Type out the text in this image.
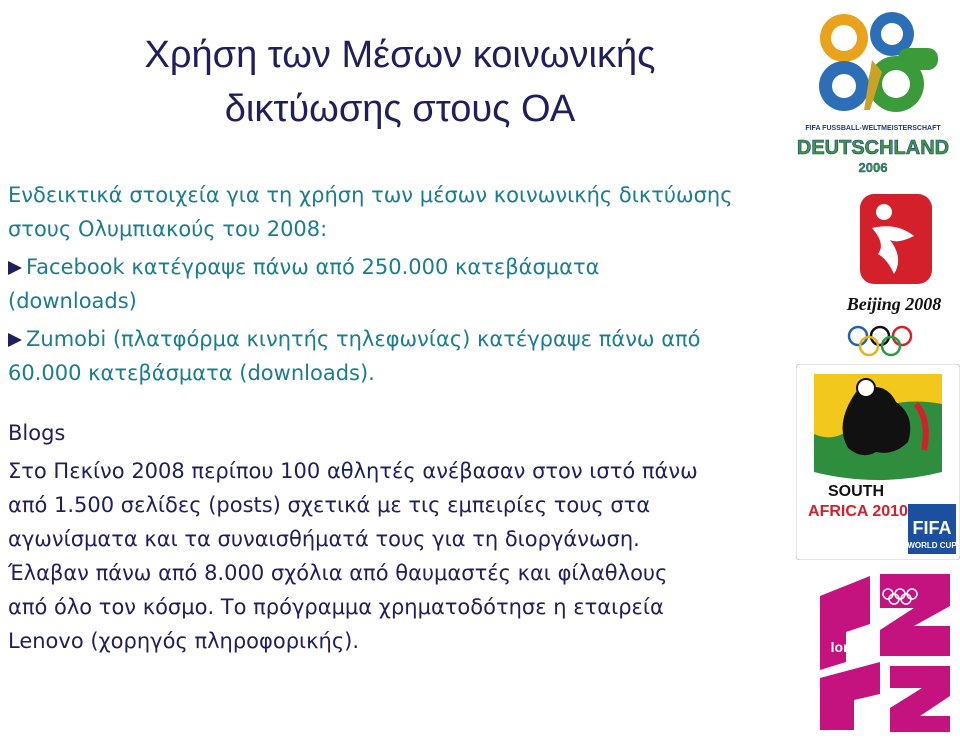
Χρήση των Μέσων κοινωνικής
δικτύωσης στους ΟΑ

Ενδεικτικά στοιχεία για τη χρήση των μέσων κοινωνικής δικτύωσης

στους Ολυμπιακούς του 2008:

Facebook κατέγραψε πάνω από 250.000 κατεβάσματα

(downloads)

Zumobi (πλατφόρμα κινητής τηλεφωνίας) κατέγραψε πάνω από

60.000 κατεβάσματα (downloads).

Blogs

Στο Πεκίνο 2008 περίπου 100 αθλητές ανέβασαν στον ιστό πάνω

από 1.500 σελίδες (posts) σχετικά με τις εμπειρίες τους στα

αγωνίσματα και τα συναισθήματά τους για τη διοργάνωση.

Έλαβαν πάνω από 8.000 σχόλια από θαυμαστές και φίλαθλους

από όλο τον κόσμο. Το πρόγραμμα χρηματοδότησε η εταιρεία

Lenovo (χορηγός πληροφορικής).

FIFA FUSSBALL-WELTMEISTERSCHAFT
DEUTSCHLAND
2006
Beijing 2008
SOUTH
AFRICA 2010
FIFA
WORLD CUP
london
